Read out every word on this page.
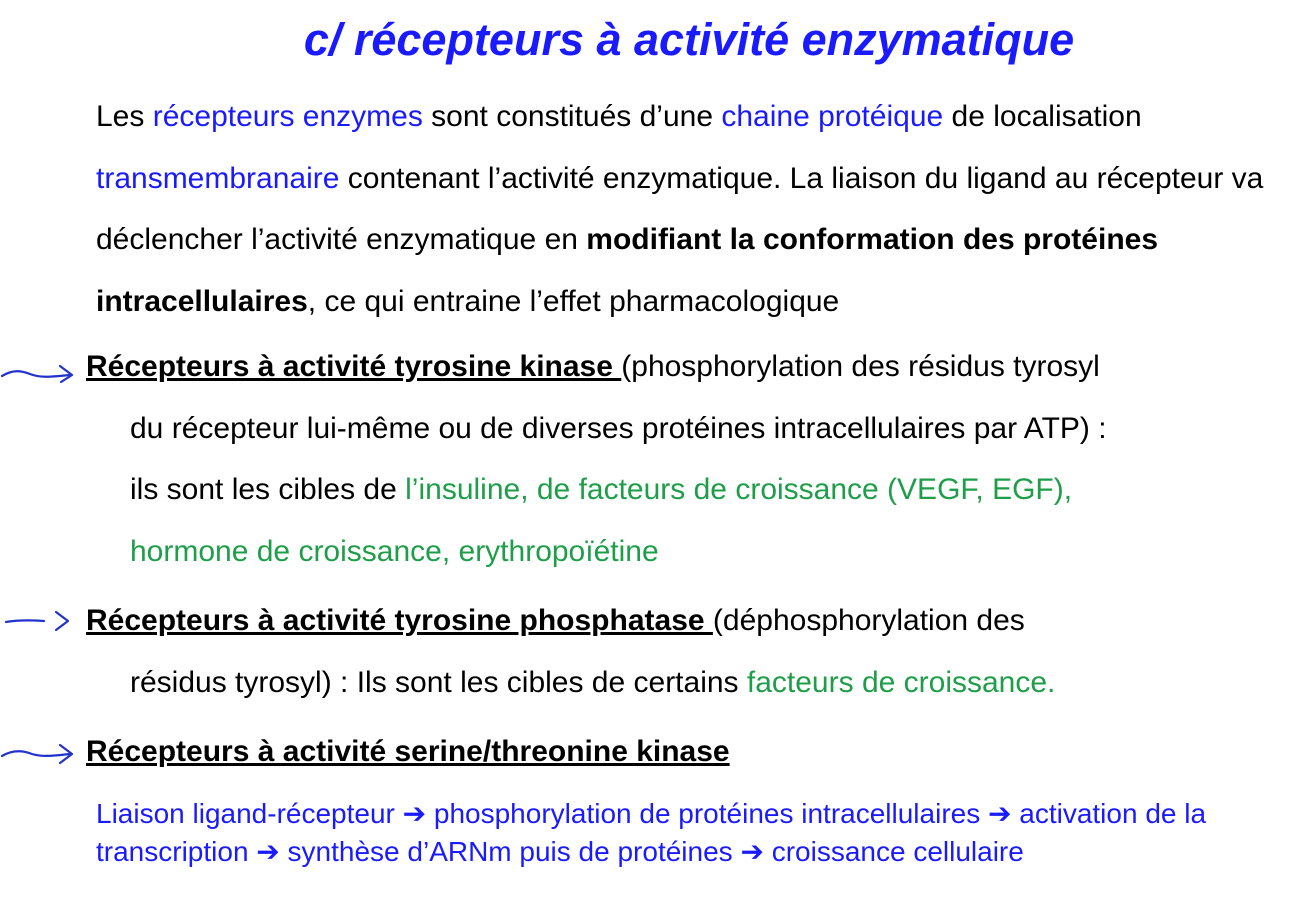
c/ récepteurs à activité enzymatique

Les récepteurs enzymes sont constitués d’une chaine protéique de localisation transmembranaire contenant l’activité enzymatique. La liaison du ligand au récepteur va déclencher l’activité enzymatique en modifiant la conformation des protéines intracellulaires, ce qui entraine l’effet pharmacologique

Récepteurs à activité tyrosine kinase (phosphorylation des résidus tyrosyl
du récepteur lui-même ou de diverses protéines intracellulaires par ATP) :
ils sont les cibles de l’insuline, de facteurs de croissance (VEGF, EGF),
hormone de croissance, erythropoïétine
Récepteurs à activité tyrosine phosphatase (déphosphorylation des
résidus tyrosyl) : Ils sont les cibles de certains facteurs de croissance.
Récepteurs à activité serine/threonine kinase

Liaison ligand-récepteur ➔ phosphorylation de protéines intracellulaires ➔ activation de la transcription ➔ synthèse d’ARNm puis de protéines ➔ croissance cellulaire
